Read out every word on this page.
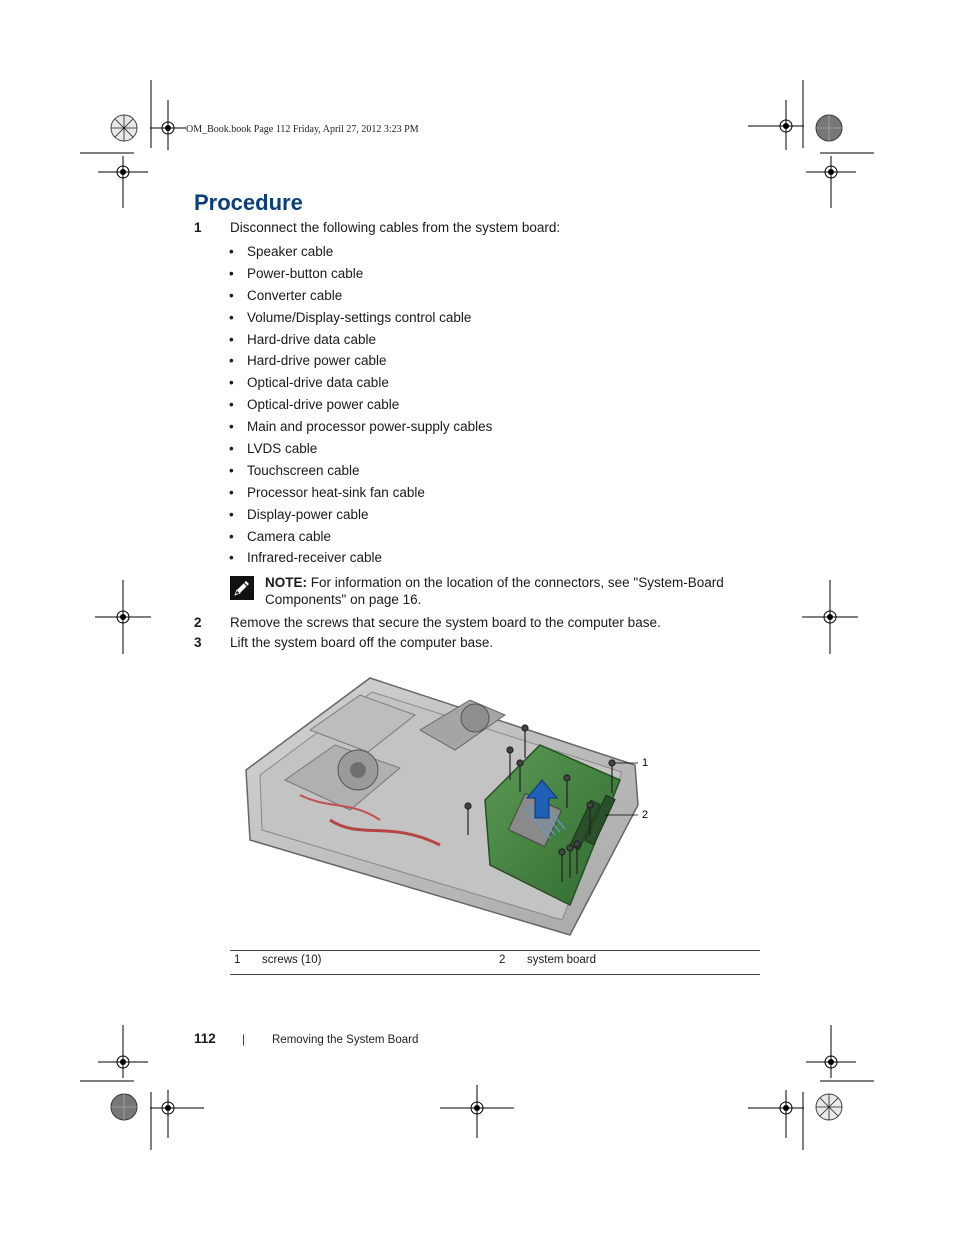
OM_Book.book Page 112 Friday, April 27, 2012 3:23 PM
Procedure
1 Disconnect the following cables from the system board:
• Speaker cable
• Power-button cable
• Converter cable
• Volume/Display-settings control cable
• Hard-drive data cable
• Hard-drive power cable
• Optical-drive data cable
• Optical-drive power cable
• Main and processor power-supply cables
• LVDS cable
• Touchscreen cable
• Processor heat-sink fan cable
• Display-power cable
• Camera cable
• Infrared-receiver cable
NOTE: For information on the location of the connectors, see "System-Board Components" on page 16.
2 Remove the screws that secure the system board to the computer base.
3 Lift the system board off the computer base.
1
2
1 screws (10)	2 system board
112 | Removing the System Board
